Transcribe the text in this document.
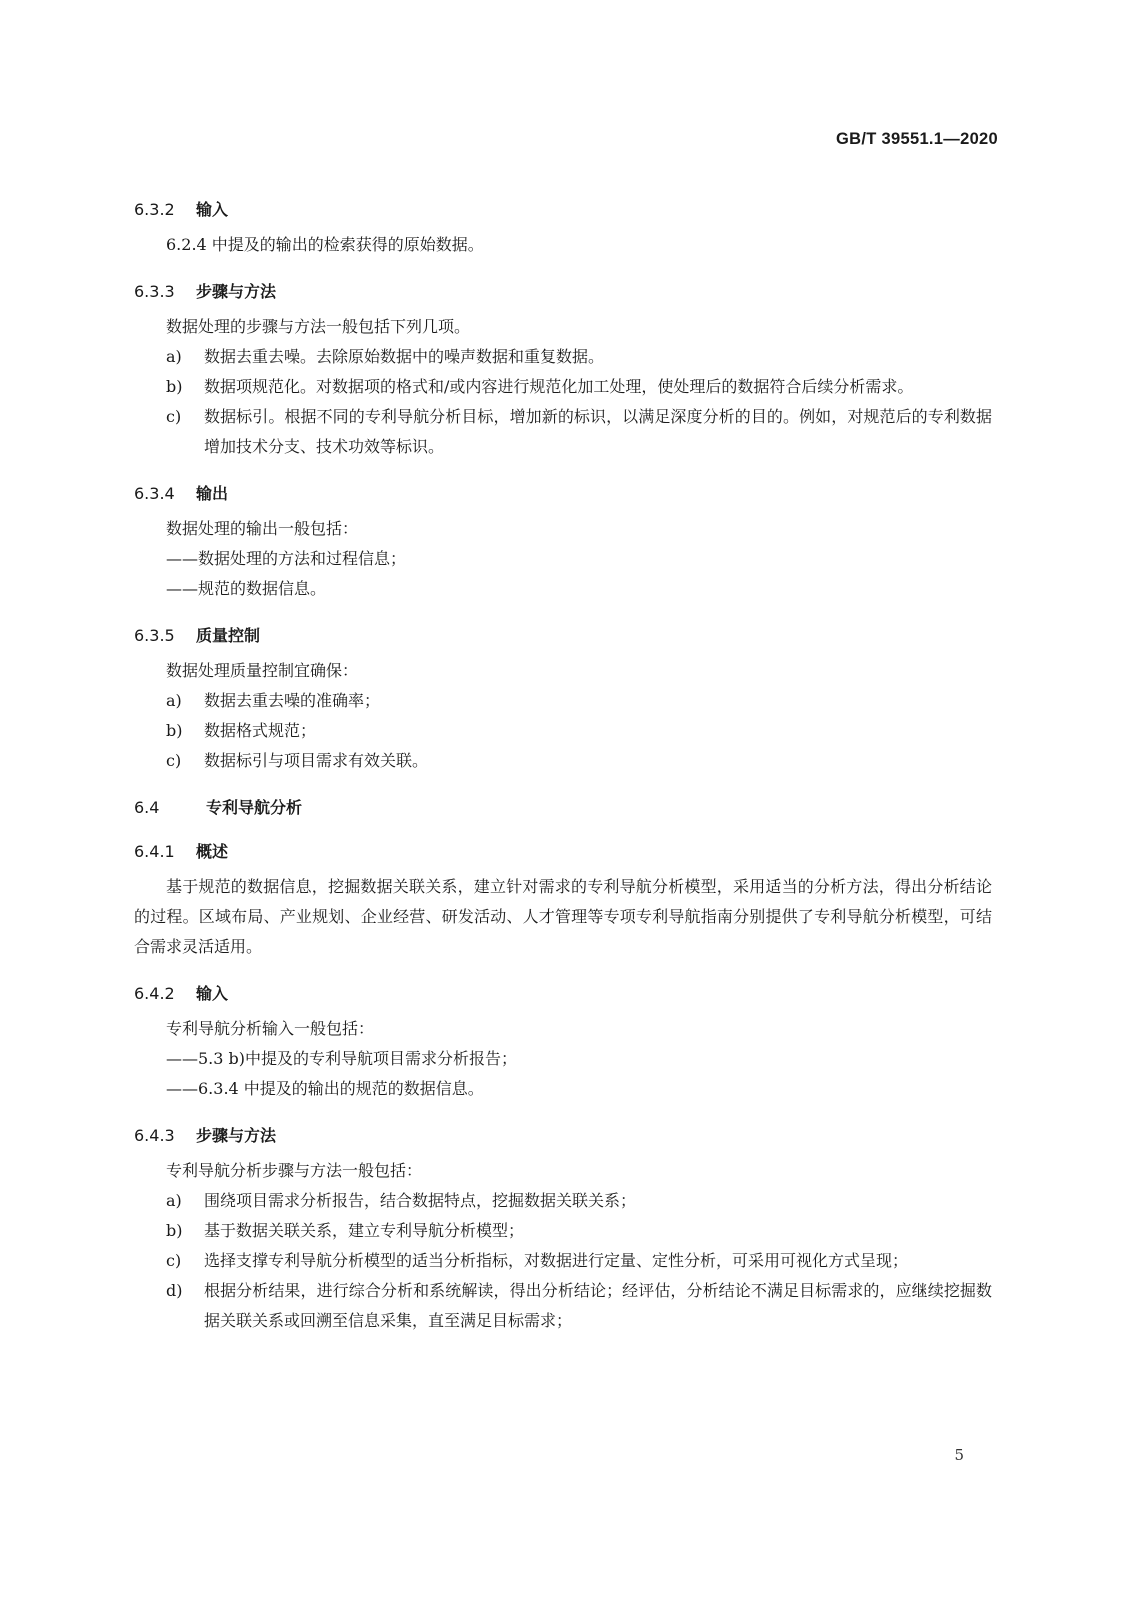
GB/T 39551.1—2020
6.3.2 输入
6.2.4 中提及的输出的检索获得的原始数据。
6.3.3 步骤与方法
数据处理的步骤与方法一般包括下列几项。
a)	数据去重去噪。去除原始数据中的噪声数据和重复数据。
b)	数据项规范化。对数据项的格式和/或内容进行规范化加工处理，使处理后的数据符合后续分析需求。
c)	数据标引。根据不同的专利导航分析目标，增加新的标识，以满足深度分析的目的。例如，对规范后的专利数据增加技术分支、技术功效等标识。
6.3.4 输出
数据处理的输出一般包括：
——数据处理的方法和过程信息；
——规范的数据信息。
6.3.5 质量控制
数据处理质量控制宜确保：
a)	数据去重去噪的准确率；
b)	数据格式规范；
c)	数据标引与项目需求有效关联。
6.4	专利导航分析
6.4.1 概述
基于规范的数据信息，挖掘数据关联关系，建立针对需求的专利导航分析模型，采用适当的分析方法，得出分析结论的过程。区域布局、产业规划、企业经营、研发活动、人才管理等专项专利导航指南分别提供了专利导航分析模型，可结合需求灵活适用。
6.4.2 输入
专利导航分析输入一般包括：
——5.3 b)中提及的专利导航项目需求分析报告；
——6.3.4 中提及的输出的规范的数据信息。
6.4.3 步骤与方法
专利导航分析步骤与方法一般包括：
a)	围绕项目需求分析报告，结合数据特点，挖掘数据关联关系；
b)	基于数据关联关系，建立专利导航分析模型；
c)	选择支撑专利导航分析模型的适当分析指标，对数据进行定量、定性分析，可采用可视化方式呈现；
d)	根据分析结果，进行综合分析和系统解读，得出分析结论；经评估，分析结论不满足目标需求的，应继续挖掘数据关联关系或回溯至信息采集，直至满足目标需求；
5
